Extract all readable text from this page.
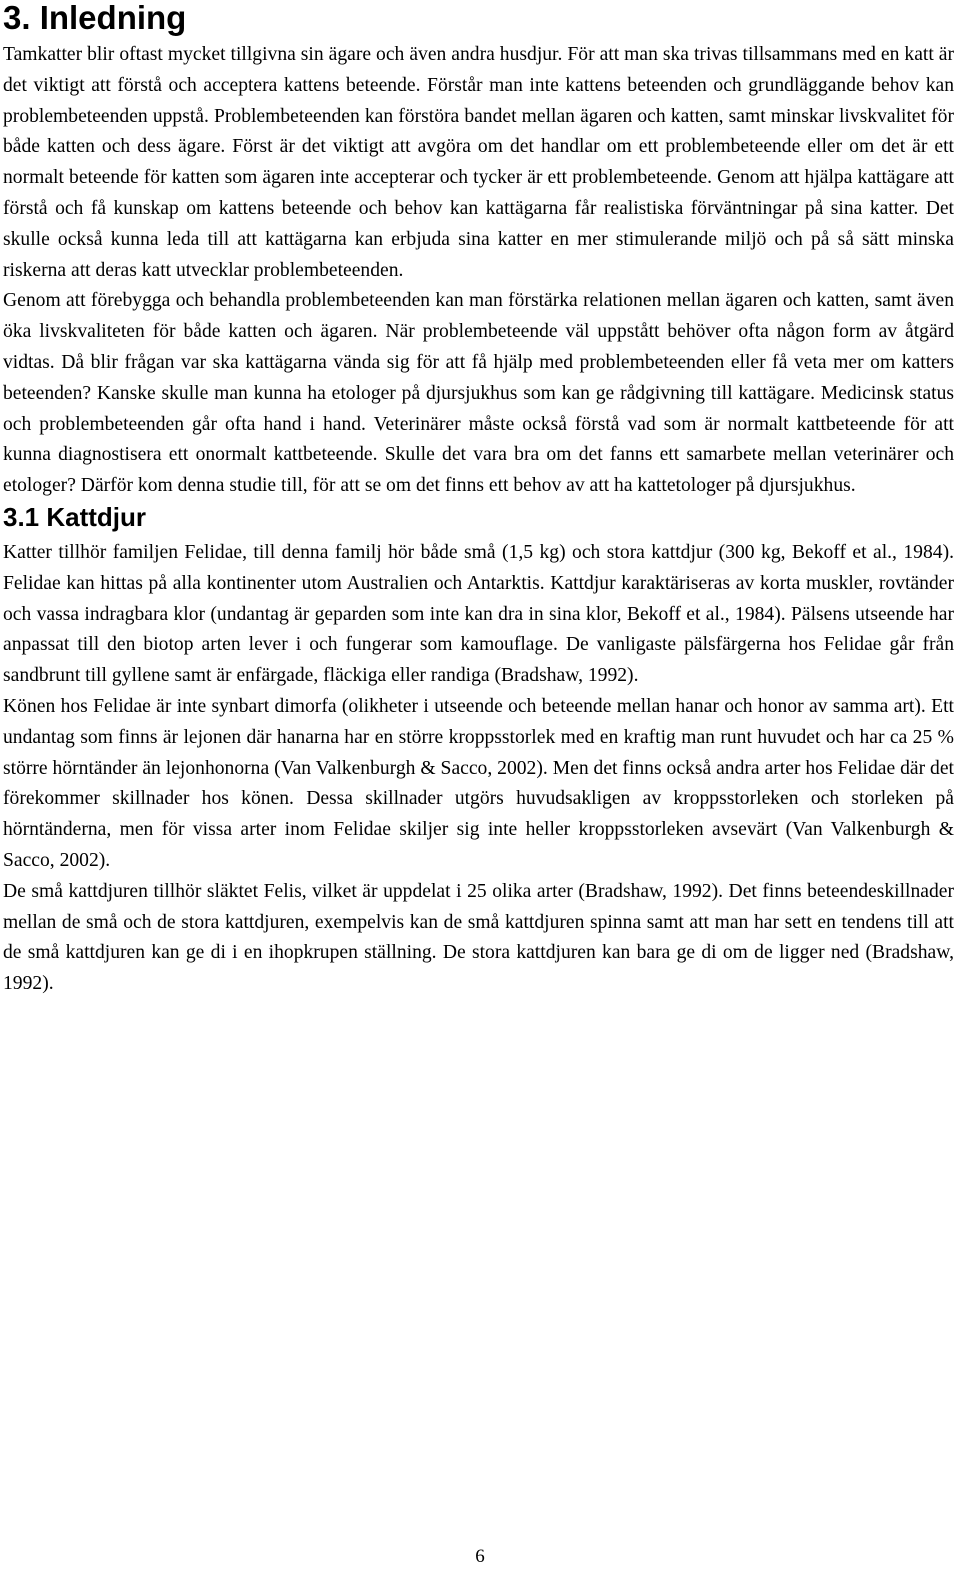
3. Inledning

Tamkatter blir oftast mycket tillgivna sin ägare och även andra husdjur. För att man ska trivas tillsammans med en katt är det viktigt att förstå och acceptera kattens beteende. Förstår man inte kattens beteenden och grundläggande behov kan problembeteenden uppstå. Problembeteenden kan förstöra bandet mellan ägaren och katten, samt minskar livskvalitet för både katten och dess ägare. Först är det viktigt att avgöra om det handlar om ett problembeteende eller om det är ett normalt beteende för katten som ägaren inte accepterar och tycker är ett problembeteende. Genom att hjälpa kattägare att förstå och få kunskap om kattens beteende och behov kan kattägarna får realistiska förväntningar på sina katter. Det skulle också kunna leda till att kattägarna kan erbjuda sina katter en mer stimulerande miljö och på så sätt minska riskerna att deras katt utvecklar problembeteenden.

Genom att förebygga och behandla problembeteenden kan man förstärka relationen mellan ägaren och katten, samt även öka livskvaliteten för både katten och ägaren. När problembeteende väl uppstått behöver ofta någon form av åtgärd vidtas. Då blir frågan var ska kattägarna vända sig för att få hjälp med problembeteenden eller få veta mer om katters beteenden? Kanske skulle man kunna ha etologer på djursjukhus som kan ge rådgivning till kattägare. Medicinsk status och problembeteenden går ofta hand i hand. Veterinärer måste också förstå vad som är normalt kattbeteende för att kunna diagnostisera ett onormalt kattbeteende. Skulle det vara bra om det fanns ett samarbete mellan veterinärer och etologer? Därför kom denna studie till, för att se om det finns ett behov av att ha kattetologer på djursjukhus.

3.1 Kattdjur

Katter tillhör familjen Felidae, till denna familj hör både små (1,5 kg) och stora kattdjur (300 kg, Bekoff et al., 1984). Felidae kan hittas på alla kontinenter utom Australien och Antarktis. Kattdjur karaktäriseras av korta muskler, rovtänder och vassa indragbara klor (undantag är geparden som inte kan dra in sina klor, Bekoff et al., 1984). Pälsens utseende har anpassat till den biotop arten lever i och fungerar som kamouflage. De vanligaste pälsfärgerna hos Felidae går från sandbrunt till gyllene samt är enfärgade, fläckiga eller randiga (Bradshaw, 1992).

Könen hos Felidae är inte synbart dimorfa (olikheter i utseende och beteende mellan hanar och honor av samma art). Ett undantag som finns är lejonen där hanarna har en större kroppsstorlek med en kraftig man runt huvudet och har ca 25 % större hörntänder än lejonhonorna (Van Valkenburgh & Sacco, 2002). Men det finns också andra arter hos Felidae där det förekommer skillnader hos könen. Dessa skillnader utgörs huvudsakligen av kroppsstorleken och storleken på hörntänderna, men för vissa arter inom Felidae skiljer sig inte heller kroppsstorleken avsevärt (Van Valkenburgh & Sacco, 2002).

De små kattdjuren tillhör släktet Felis, vilket är uppdelat i 25 olika arter (Bradshaw, 1992). Det finns beteendeskillnader mellan de små och de stora kattdjuren, exempelvis kan de små kattdjuren spinna samt att man har sett en tendens till att de små kattdjuren kan ge di i en ihopkrupen ställning. De stora kattdjuren kan bara ge di om de ligger ned (Bradshaw, 1992).

6
